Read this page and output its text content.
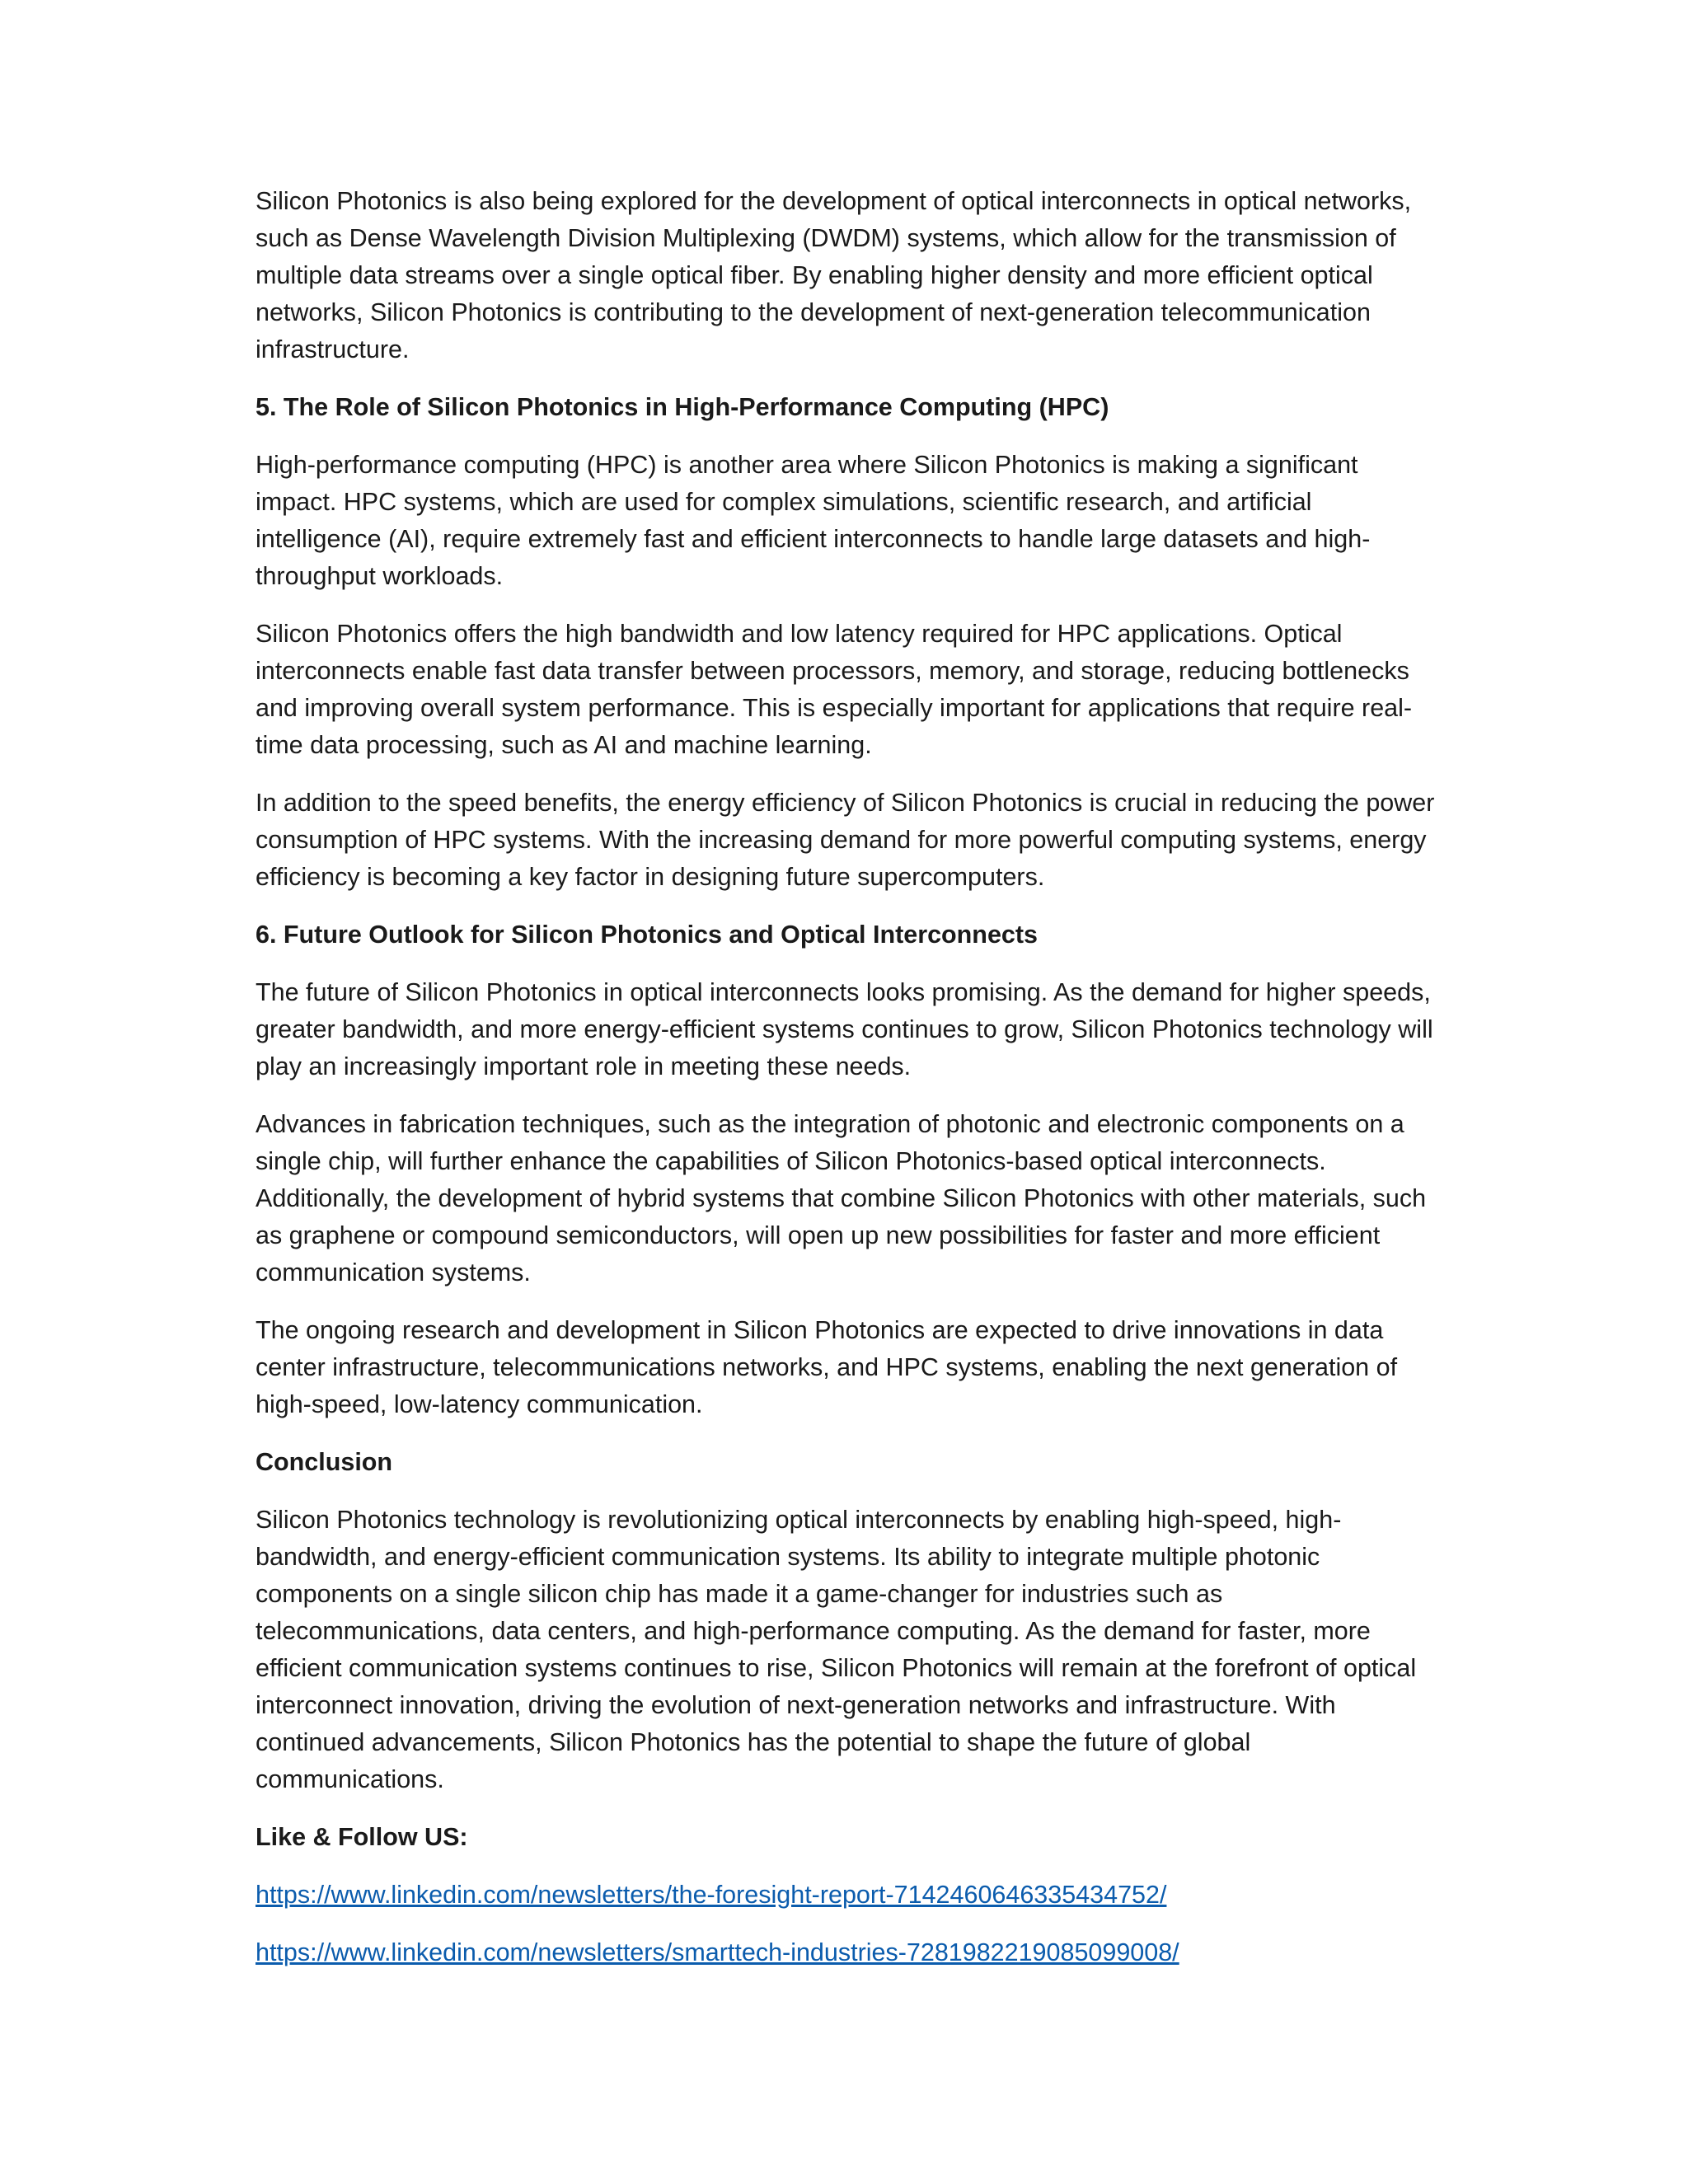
Silicon Photonics is also being explored for the development of optical interconnects in optical networks, such as Dense Wavelength Division Multiplexing (DWDM) systems, which allow for the transmission of multiple data streams over a single optical fiber. By enabling higher density and more efficient optical networks, Silicon Photonics is contributing to the development of next-generation telecommunication infrastructure.

5. The Role of Silicon Photonics in High-Performance Computing (HPC)

High-performance computing (HPC) is another area where Silicon Photonics is making a significant impact. HPC systems, which are used for complex simulations, scientific research, and artificial intelligence (AI), require extremely fast and efficient interconnects to handle large datasets and high-throughput workloads.

Silicon Photonics offers the high bandwidth and low latency required for HPC applications. Optical interconnects enable fast data transfer between processors, memory, and storage, reducing bottlenecks and improving overall system performance. This is especially important for applications that require real-time data processing, such as AI and machine learning.

In addition to the speed benefits, the energy efficiency of Silicon Photonics is crucial in reducing the power consumption of HPC systems. With the increasing demand for more powerful computing systems, energy efficiency is becoming a key factor in designing future supercomputers.

6. Future Outlook for Silicon Photonics and Optical Interconnects

The future of Silicon Photonics in optical interconnects looks promising. As the demand for higher speeds, greater bandwidth, and more energy-efficient systems continues to grow, Silicon Photonics technology will play an increasingly important role in meeting these needs.

Advances in fabrication techniques, such as the integration of photonic and electronic components on a single chip, will further enhance the capabilities of Silicon Photonics-based optical interconnects. Additionally, the development of hybrid systems that combine Silicon Photonics with other materials, such as graphene or compound semiconductors, will open up new possibilities for faster and more efficient communication systems.

The ongoing research and development in Silicon Photonics are expected to drive innovations in data center infrastructure, telecommunications networks, and HPC systems, enabling the next generation of high-speed, low-latency communication.

Conclusion

Silicon Photonics technology is revolutionizing optical interconnects by enabling high-speed, high-bandwidth, and energy-efficient communication systems. Its ability to integrate multiple photonic components on a single silicon chip has made it a game-changer for industries such as telecommunications, data centers, and high-performance computing. As the demand for faster, more efficient communication systems continues to rise, Silicon Photonics will remain at the forefront of optical interconnect innovation, driving the evolution of next-generation networks and infrastructure. With continued advancements, Silicon Photonics has the potential to shape the future of global communications.

Like & Follow US:

https://www.linkedin.com/newsletters/the-foresight-report-7142460646335434752/

https://www.linkedin.com/newsletters/smarttech-industries-7281982219085099008/
